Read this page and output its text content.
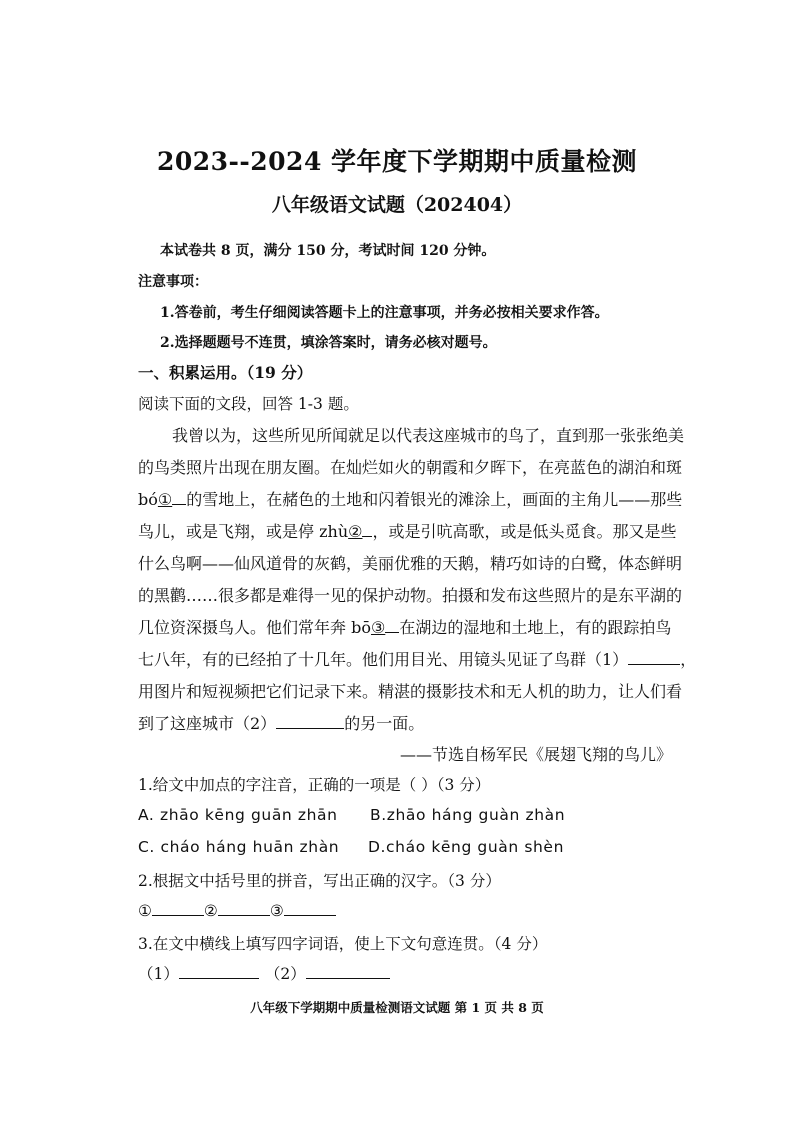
2023--2024 学年度下学期期中质量检测
八年级语文试题（202404）
本试卷共 8 页，满分 150 分，考试时间 120 分钟。
注意事项：
1.答卷前，考生仔细阅读答题卡上的注意事项，并务必按相关要求作答。
2.选择题题号不连贯，填涂答案时，请务必核对题号。
一、积累运用。（19 分）
阅读下面的文段，回答 1-3 题。
我曾以为，这些所见所闻就足以代表这座城市的鸟了，直到那一张张绝美
的鸟类照片出现在朋友圈。在灿烂如火的朝霞和夕晖下，在亮蓝色的湖泊和斑
bó① 的雪地上，在赭色的土地和闪着银光的滩涂上，画面的主角儿——那些
鸟儿，或是飞翔，或是停 zhù② ，或是引吭高歌，或是低头觅食。那又是些
什么鸟啊——仙风道骨的灰鹤，美丽优雅的天鹅，精巧如诗的白鹭，体态鲜明
的黑鹳……很多都是难得一见的保护动物。拍摄和发布这些照片的是东平湖的
几位资深摄鸟人。他们常年奔 bō③ 在湖边的湿地和土地上，有的跟踪拍鸟
七八年，有的已经拍了十几年。他们用目光、用镜头见证了鸟群（1）	，
用图片和短视频把它们记录下来。精湛的摄影技术和无人机的助力，让人们看
到了这座城市（2）	的另一面。
——节选自杨军民《展翅飞翔的鸟儿》
1.给文中加点的字注音，正确的一项是（ ）（3 分）
A. zhāo kēng guān zhān B.zhāo háng guàn zhàn
C. cháo háng huān zhàn D.cháo kēng guàn shèn
2.根据文中括号里的拼音，写出正确的汉字。（3 分）
①	②	③
3.在文中横线上填写四字词语，使上下文句意连贯。（4 分）
（1）	（2）
八年级下学期期中质量检测语文试题 第 1 页 共 8 页
